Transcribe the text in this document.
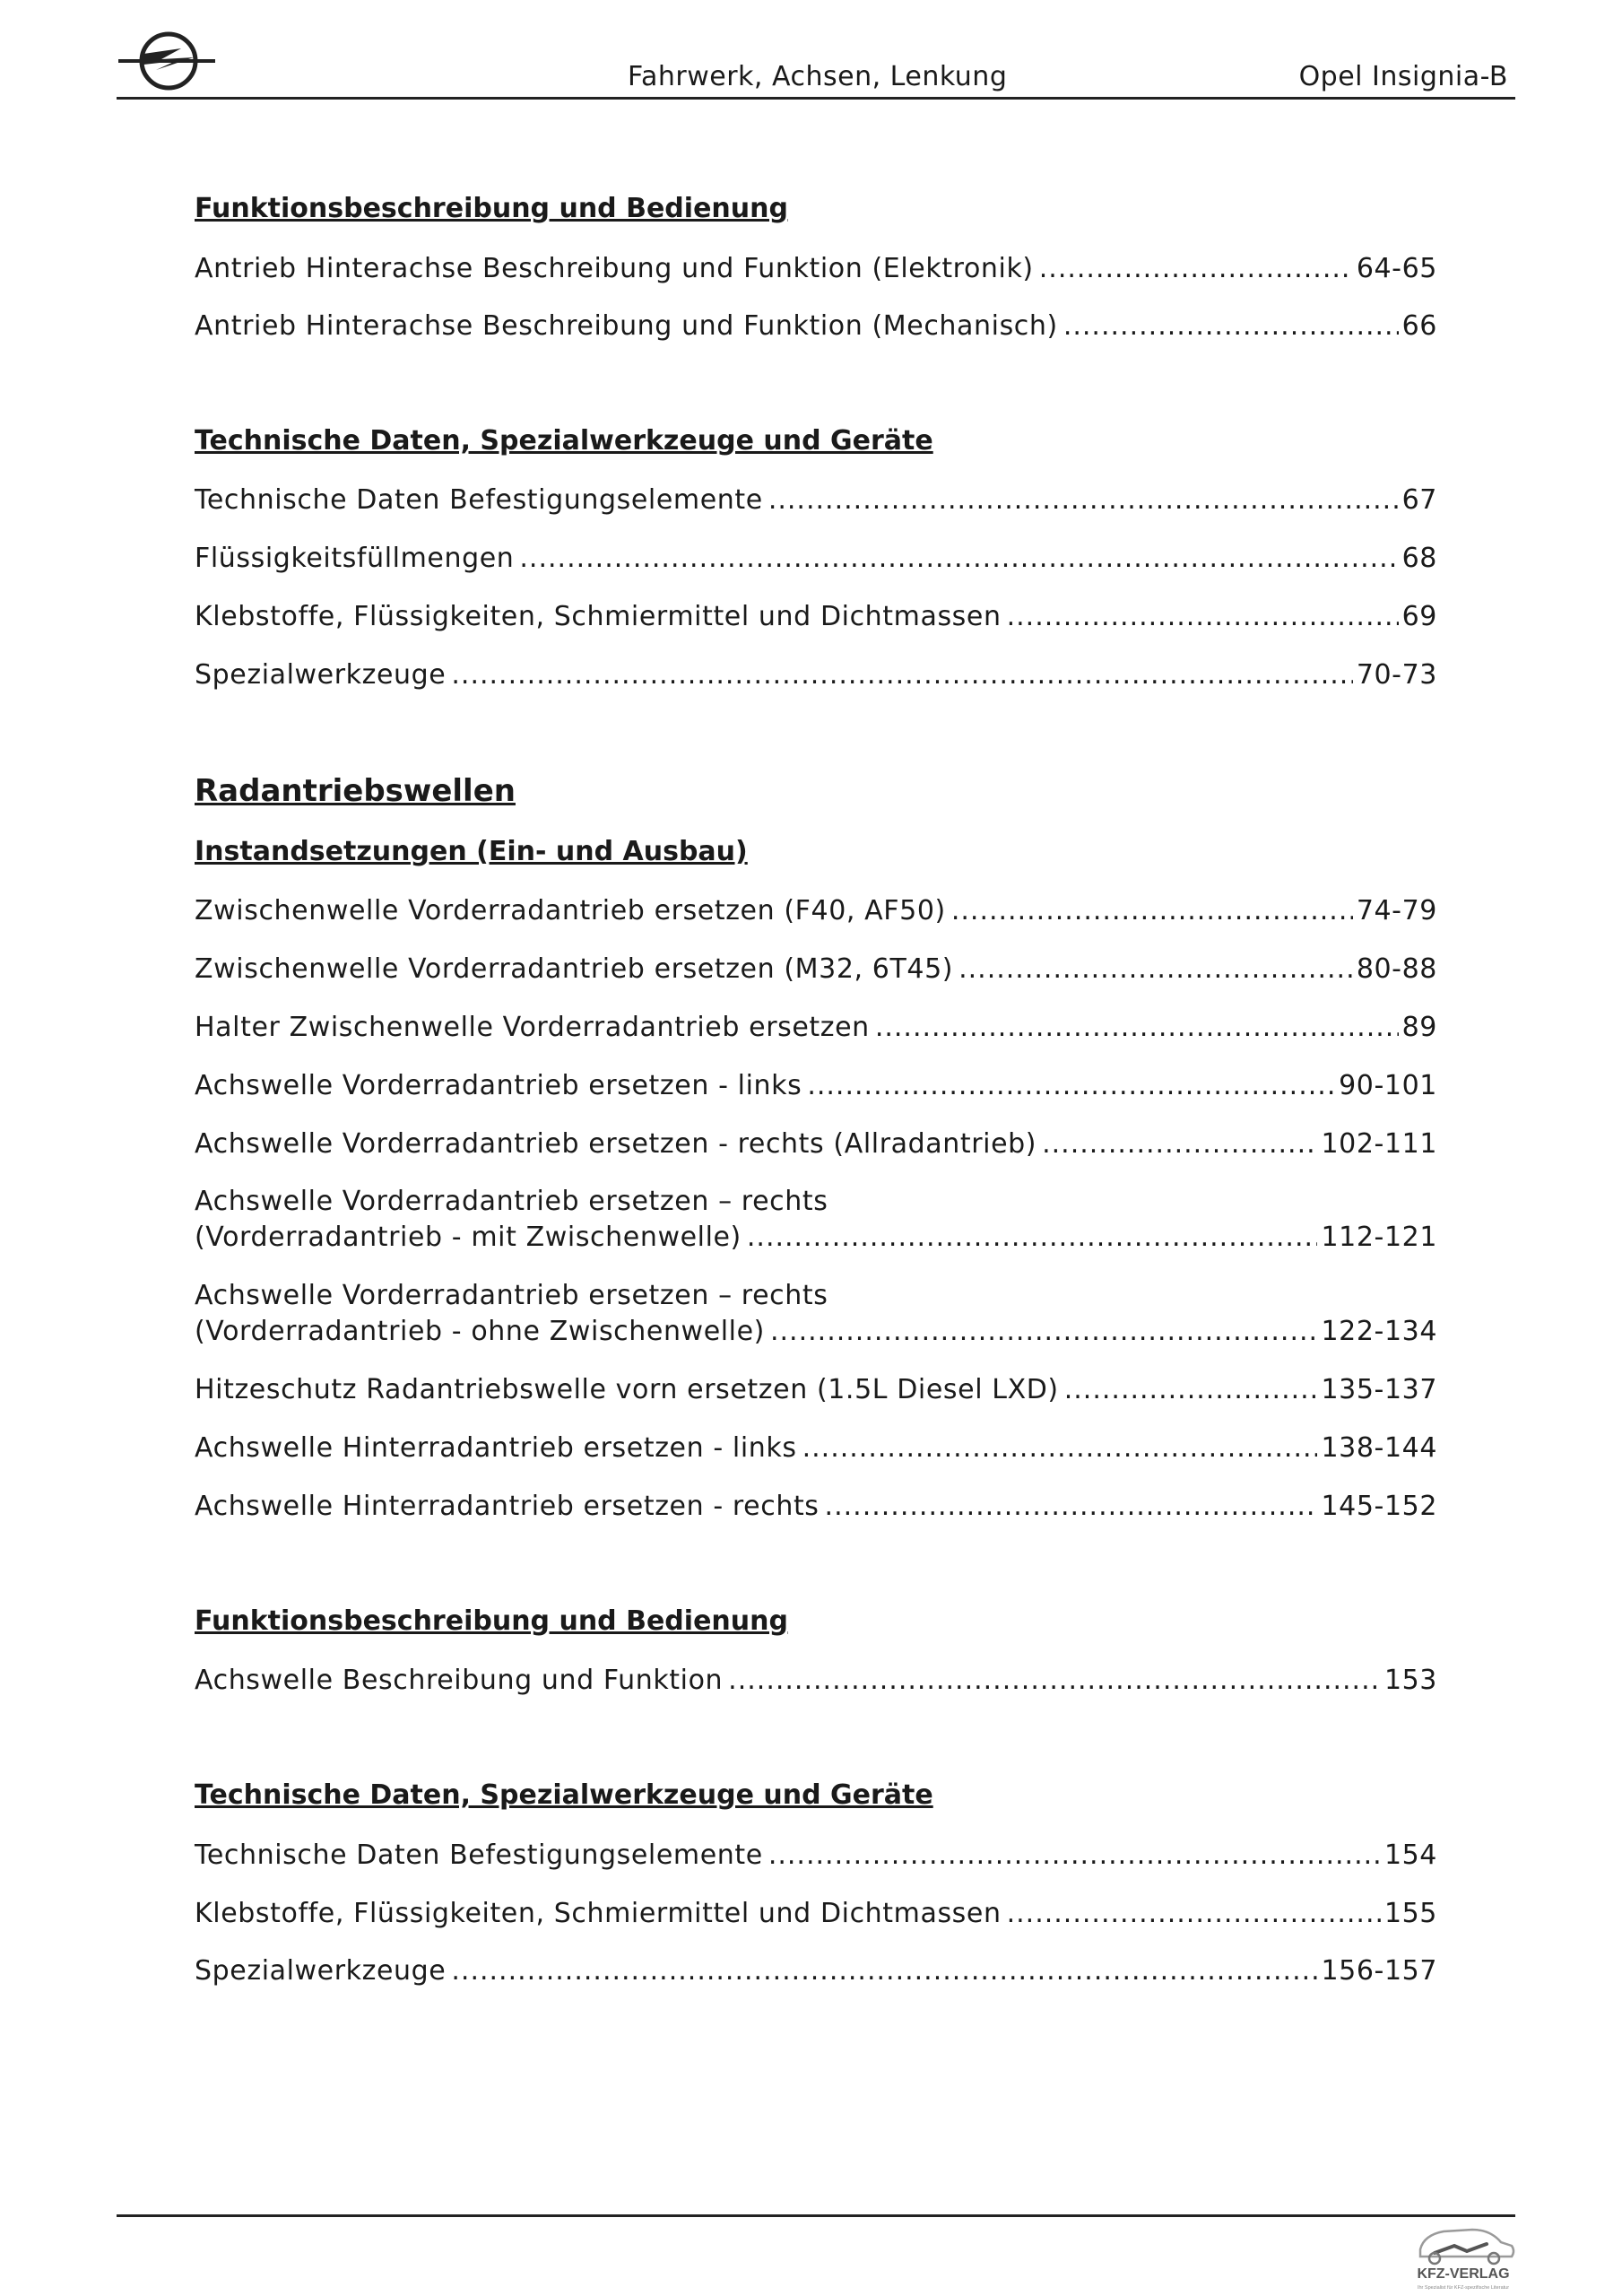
Fahrwerk, Achsen, Lenkung	Opel Insignia-B
Funktionsbeschreibung und Bedienung
Antrieb Hinterachse Beschreibung und Funktion (Elektronik) .....	64-65
Antrieb Hinterachse Beschreibung und Funktion (Mechanisch) .....	66
Technische Daten, Spezialwerkzeuge und Geräte
Technische Daten Befestigungselemente .....	67
Flüssigkeitsfüllmengen .....	68
Klebstoffe, Flüssigkeiten, Schmiermittel und Dichtmassen .....	69
Spezialwerkzeuge .....	70-73
Radantriebswellen
Instandsetzungen (Ein- und Ausbau)
Zwischenwelle Vorderradantrieb ersetzen (F40, AF50) .....	74-79
Zwischenwelle Vorderradantrieb ersetzen (M32, 6T45) .....	80-88
Halter Zwischenwelle Vorderradantrieb ersetzen .....	89
Achswelle Vorderradantrieb ersetzen - links .....	90-101
Achswelle Vorderradantrieb ersetzen - rechts (Allradantrieb) .....	102-111
Achswelle Vorderradantrieb ersetzen – rechts
(Vorderradantrieb - mit Zwischenwelle) .....	112-121
Achswelle Vorderradantrieb ersetzen – rechts
(Vorderradantrieb - ohne Zwischenwelle) .....	122-134
Hitzeschutz Radantriebswelle vorn ersetzen (1.5L Diesel LXD) .....	135-137
Achswelle Hinterradantrieb ersetzen - links .....	138-144
Achswelle Hinterradantrieb ersetzen - rechts .....	145-152
Funktionsbeschreibung und Bedienung
Achswelle Beschreibung und Funktion .....	153
Technische Daten, Spezialwerkzeuge und Geräte
Technische Daten Befestigungselemente .....	154
Klebstoffe, Flüssigkeiten, Schmiermittel und Dichtmassen .....	155
Spezialwerkzeuge .....	156-157
KFZ-VERLAG
Ihr Spezialist für KFZ-spezifische Literatur
